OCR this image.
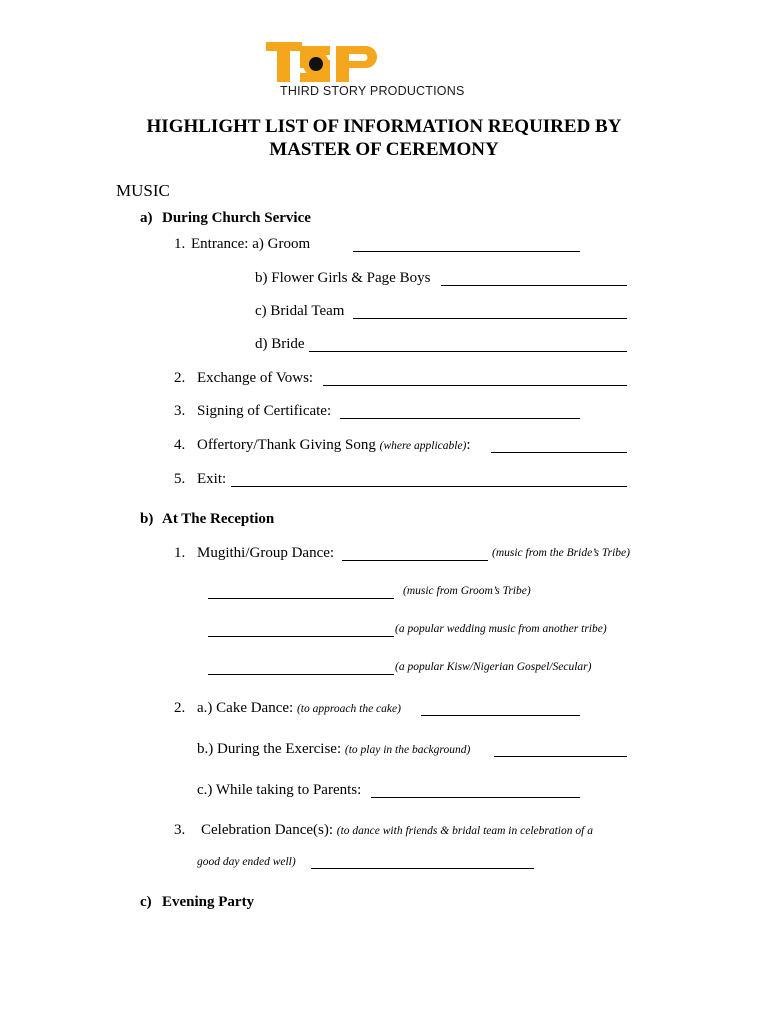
THIRD STORY PRODUCTIONS
HIGHLIGHT LIST OF INFORMATION REQUIRED BY
MASTER OF CEREMONY
MUSIC
a) During Church Service
1. Entrance: a) Groom
b) Flower Girls & Page Boys
c) Bridal Team
d) Bride
2. Exchange of Vows:
3. Signing of Certificate:
4. Offertory/Thank Giving Song (where applicable):
5. Exit:
b) At The Reception
1. Mugithi/Group Dance:	(music from the Bride’s Tribe)
(music from Groom’s Tribe)
(a popular wedding music from another tribe)
(a popular Kisw/Nigerian Gospel/Secular)
2. a.) Cake Dance: (to approach the cake)
b.) During the Exercise: (to play in the background)
c.) While taking to Parents:
3. Celebration Dance(s): (to dance with friends & bridal team in celebration of a
good day ended well)
c) Evening Party
